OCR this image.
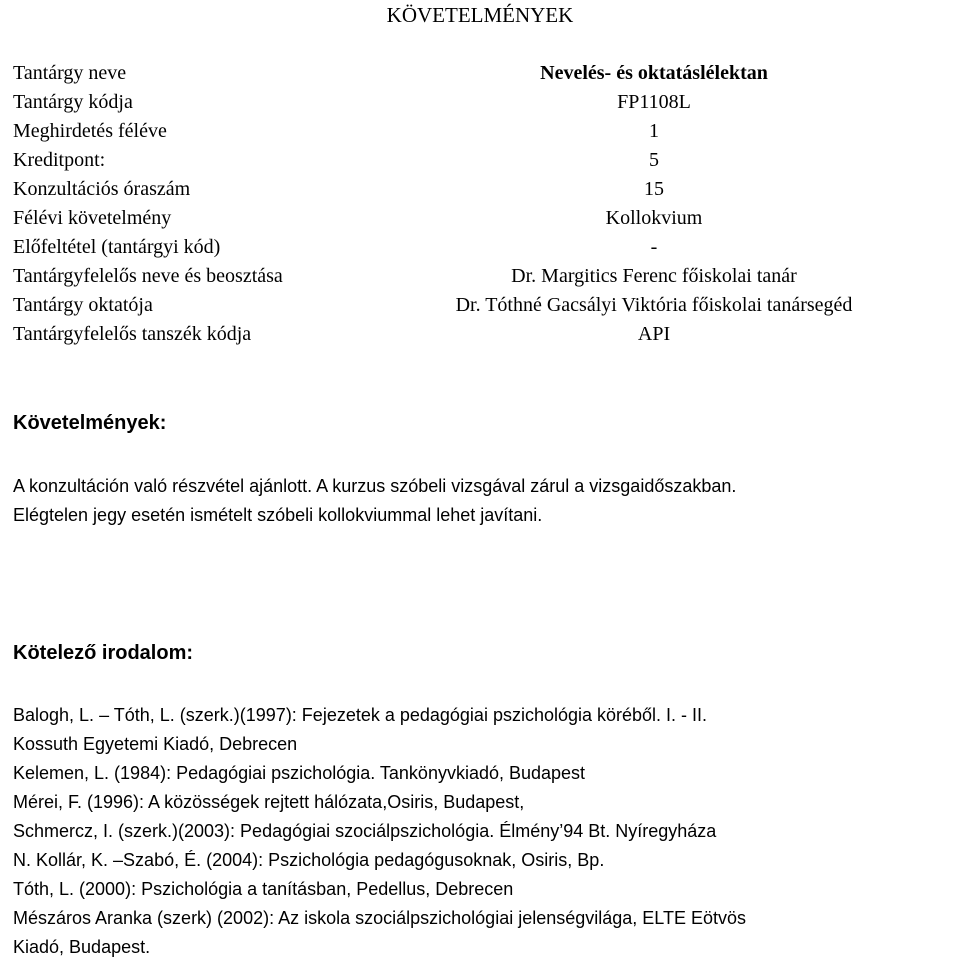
KÖVETELMÉNYEK
Tantárgy neve	Nevelés- és oktatáslélektan
Tantárgy kódja	FP1108L
Meghirdetés féléve	1
Kreditpont:	5
Konzultációs óraszám	15
Félévi követelmény	Kollokvium
Előfeltétel (tantárgyi kód)	-
Tantárgyfelelős neve és beosztása	Dr. Margitics Ferenc főiskolai tanár
Tantárgy oktatója	Dr. Tóthné Gacsályi Viktória főiskolai tanársegéd
Tantárgyfelelős tanszék kódja	API
Követelmények:

A konzultáción való részvétel ajánlott. A kurzus szóbeli vizsgával zárul a vizsgaidőszakban.

Elégtelen jegy esetén ismételt szóbeli kollokviummal lehet javítani.

Kötelező irodalom:

Balogh, L. – Tóth, L. (szerk.)(1997): Fejezetek a pedagógiai pszichológia köréből. I. - II.

Kossuth Egyetemi Kiadó, Debrecen

Kelemen, L. (1984): Pedagógiai pszichológia. Tankönyvkiadó, Budapest

Mérei, F. (1996): A közösségek rejtett hálózata,Osiris, Budapest,

Schmercz, I. (szerk.)(2003): Pedagógiai szociálpszichológia. Élmény’94 Bt. Nyíregyháza

N. Kollár, K. –Szabó, É. (2004): Pszichológia pedagógusoknak, Osiris, Bp.

Tóth, L. (2000): Pszichológia a tanításban, Pedellus, Debrecen

Mészáros Aranka (szerk) (2002): Az iskola szociálpszichológiai jelenségvilága, ELTE Eötvös

Kiadó, Budapest.
